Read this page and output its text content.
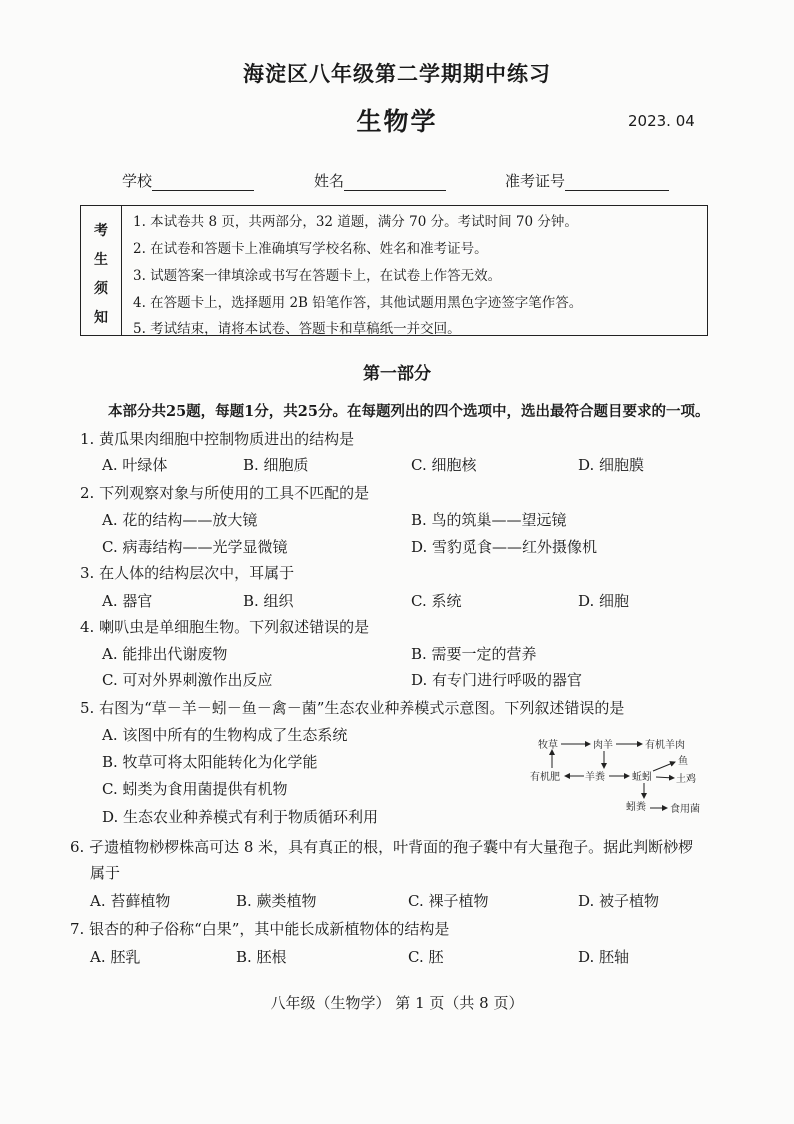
海淀区八年级第二学期期中练习
生物学	2023. 04
学校	姓名	准考证号
考
生
须
知
1. 本试卷共 8 页，共两部分，32 道题，满分 70 分。考试时间 70 分钟。
2. 在试卷和答题卡上准确填写学校名称、姓名和准考证号。
3. 试题答案一律填涂或书写在答题卡上，在试卷上作答无效。
4. 在答题卡上，选择题用 2B 铅笔作答，其他试题用黑色字迹签字笔作答。
5. 考试结束，请将本试卷、答题卡和草稿纸一并交回。
第一部分
本部分共25题，每题1分，共25分。在每题列出的四个选项中，选出最符合题目要求的一项。
1. 黄瓜果肉细胞中控制物质进出的结构是
A. 叶绿体	B. 细胞质	C. 细胞核	D. 细胞膜
2. 下列观察对象与所使用的工具不匹配的是
A. 花的结构——放大镜	B. 鸟的筑巢——望远镜
C. 病毒结构——光学显微镜	D. 雪豹觅食——红外摄像机
3. 在人体的结构层次中，耳属于
A. 器官	B. 组织	C. 系统	D. 细胞
4. 喇叭虫是单细胞生物。下列叙述错误的是
A. 能排出代谢废物	B. 需要一定的营养
C. 可对外界刺激作出反应	D. 有专门进行呼吸的器官
5. 右图为“草－羊－蚓－鱼－禽－菌”生态农业种养模式示意图。下列叙述错误的是
A. 该图中所有的生物构成了生态系统
B. 牧草可将太阳能转化为化学能
C. 蚓类为食用菌提供有机物
D. 生态农业种养模式有利于物质循环利用
牧草	肉羊	有机羊肉
鱼
有机肥	羊粪	蚯蚓 土鸡
蚓粪 食用菌
6. 孑遗植物桫椤株高可达 8 米，具有真正的根，叶背面的孢子囊中有大量孢子。据此判断桫椤
属于
A. 苔藓植物	B. 蕨类植物	C. 裸子植物	D. 被子植物
7. 银杏的种子俗称“白果”，其中能长成新植物体的结构是
A. 胚乳	B. 胚根	C. 胚	D. 胚轴
八年级（生物学） 第 1 页（共 8 页）
